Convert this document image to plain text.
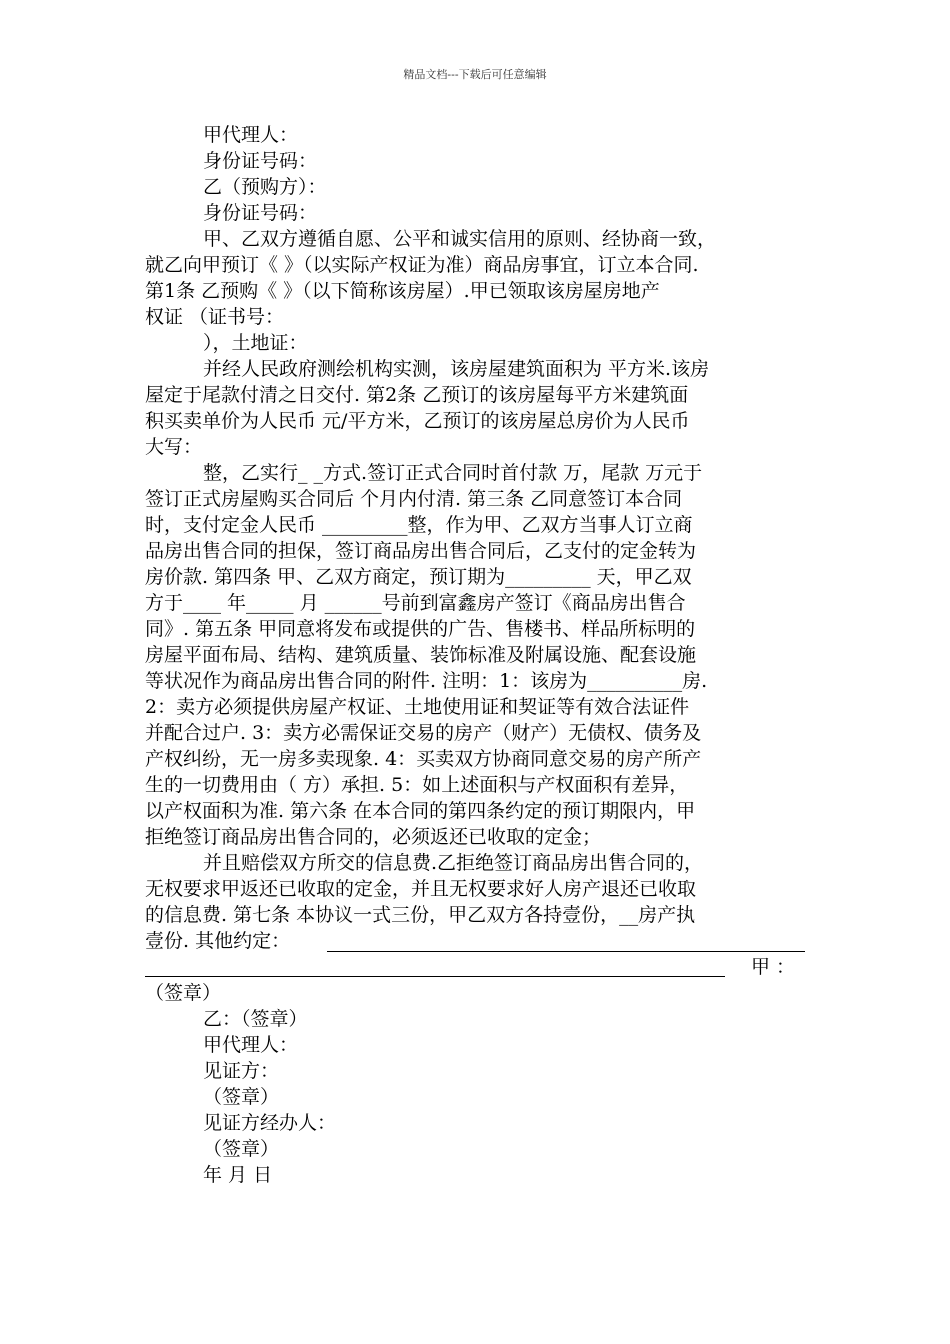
精品文档---下载后可任意编辑
甲代理人：
身份证号码：
乙（预购方）：
身份证号码：
甲、乙双方遵循自愿、公平和诚实信用的原则、经协商一致，
就乙向甲预订《 》（以实际产权证为准）商品房事宜，订立本合同.
第1条 乙预购《 》（以下简称该房屋）.甲已领取该房屋房地产
权证 （证书号：
），土地证：
并经人民政府测绘机构实测，该房屋建筑面积为 平方米.该房
屋定于尾款付清之日交付. 第2条 乙预订的该房屋每平方米建筑面
积买卖单价为人民币 元/平方米，乙预订的该房屋总房价为人民币
大写：
整，乙实行_ _方式.签订正式合同时首付款 万，尾款 万元于
签订正式房屋购买合同后 个月内付清. 第三条 乙同意签订本合同
时，支付定金人民币 _________整，作为甲、乙双方当事人订立商
品房出售合同的担保，签订商品房出售合同后，乙支付的定金转为
房价款. 第四条 甲、乙双方商定，预订期为_________ 天，甲乙双
方于____ 年_____ 月 ______号前到富鑫房产签订《商品房出售合
同》. 第五条 甲同意将发布或提供的广告、售楼书、样品所标明的
房屋平面布局、结构、建筑质量、装饰标准及附属设施、配套设施
等状况作为商品房出售合同的附件. 注明：1：该房为__________房.
2：卖方必须提供房屋产权证、土地使用证和契证等有效合法证件
并配合过户. 3：卖方必需保证交易的房产（财产）无债权、债务及
产权纠纷，无一房多卖现象. 4：买卖双方协商同意交易的房产所产
生的一切费用由（ 方）承担. 5：如上述面积与产权面积有差异，
以产权面积为准. 第六条 在本合同的第四条约定的预订期限内，甲
拒绝签订商品房出售合同的，必须返还已收取的定金；
并且赔偿双方所交的信息费.乙拒绝签订商品房出售合同的，
无权要求甲返还已收取的定金，并且无权要求好人房产退还已收取
的信息费. 第七条 本协议一式三份，甲乙双方各持壹份，__房产执
壹份. 其他约定：
甲 ：
（签章）
乙：（签章）
甲代理人：
见证方：
（签章）
见证方经办人：
（签章）
年 月 日
